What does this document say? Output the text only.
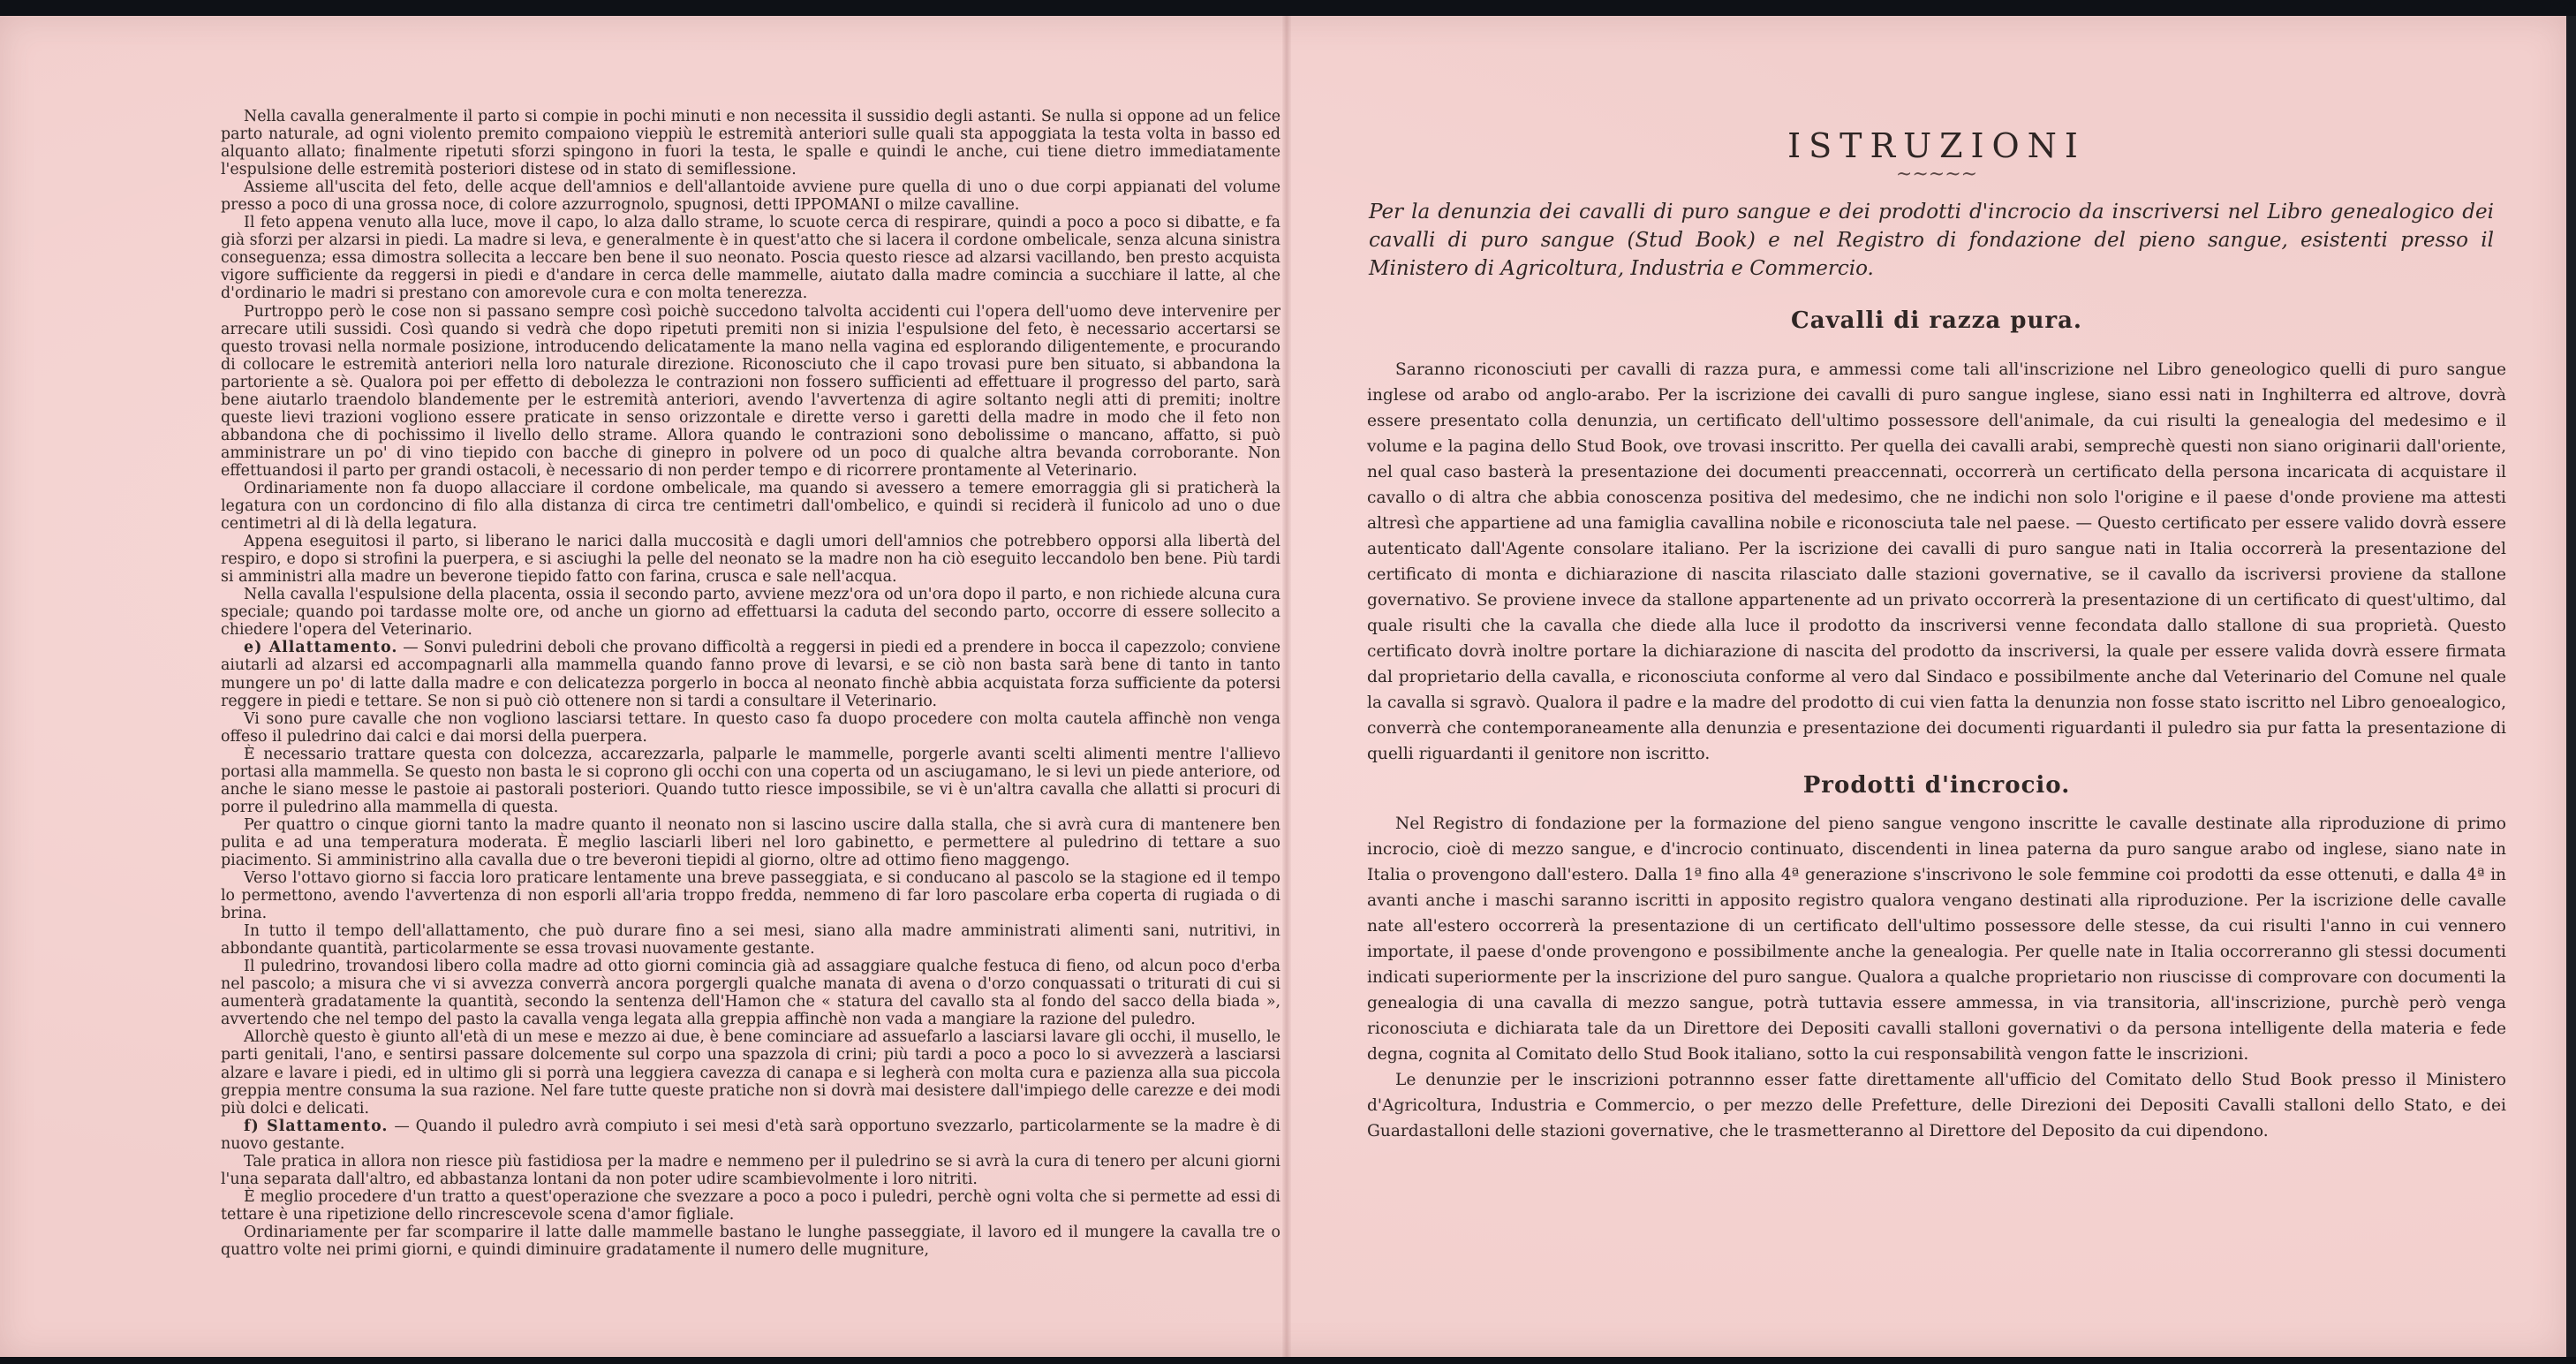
Nella cavalla generalmente il parto si compie in pochi minuti e non necessita il sussidio degli astanti. Se nulla si oppone ad un felice parto naturale, ad ogni violento premito compaiono vieppiù le estremità anteriori sulle quali sta appoggiata la testa volta in basso ed alquanto allato; finalmente ripetuti sforzi spingono in fuori la testa, le spalle e quindi le anche, cui tiene dietro immediatamente l'espulsione delle estremità posteriori distese od in stato di semiflessione.

Assieme all'uscita del feto, delle acque dell'amnios e dell'allantoide avviene pure quella di uno o due corpi appianati del volume presso a poco di una grossa noce, di colore azzurrognolo, spugnosi, detti IPPOMANI o milze cavalline.

Il feto appena venuto alla luce, move il capo, lo alza dallo strame, lo scuote cerca di respirare, quindi a poco a poco si dibatte, e fa già sforzi per alzarsi in piedi. La madre si leva, e generalmente è in quest'atto che si lacera il cordone ombelicale, senza alcuna sinistra conseguenza; essa dimostra sollecita a leccare ben bene il suo neonato. Poscia questo riesce ad alzarsi vacillando, ben presto acquista vigore sufficiente da reggersi in piedi e d'andare in cerca delle mammelle, aiutato dalla madre comincia a succhiare il latte, al che d'ordinario le madri si prestano con amorevole cura e con molta tenerezza.

Purtroppo però le cose non si passano sempre così poichè succedono talvolta accidenti cui l'opera dell'uomo deve intervenire per arrecare utili sussidi. Così quando si vedrà che dopo ripetuti premiti non si inizia l'espulsione del feto, è necessario accertarsi se questo trovasi nella normale posizione, introducendo delicatamente la mano nella vagina ed esplorando diligentemente, e procurando di collocare le estremità anteriori nella loro naturale direzione. Riconosciuto che il capo trovasi pure ben situato, si abbandona la partoriente a sè. Qualora poi per effetto di debolezza le contrazioni non fossero sufficienti ad effettuare il progresso del parto, sarà bene aiutarlo traendolo blandemente per le estremità anteriori, avendo l'avvertenza di agire soltanto negli atti di premiti; inoltre queste lievi trazioni vogliono essere praticate in senso orizzontale e dirette verso i garetti della madre in modo che il feto non abbandona che di pochissimo il livello dello strame. Allora quando le contrazioni sono debolissime o mancano, affatto, si può amministrare un po' di vino tiepido con bacche di ginepro in polvere od un poco di qualche altra bevanda corroborante. Non effettuandosi il parto per grandi ostacoli, è necessario di non perder tempo e di ricorrere prontamente al Veterinario.

Ordinariamente non fa duopo allacciare il cordone ombelicale, ma quando si avessero a temere emorraggia gli si praticherà la legatura con un cordoncino di filo alla distanza di circa tre centimetri dall'ombelico, e quindi si reciderà il funicolo ad uno o due centimetri al di là della legatura.

Appena eseguitosi il parto, si liberano le narici dalla muccosità e dagli umori dell'amnios che potrebbero opporsi alla libertà del respiro, e dopo si strofini la puerpera, e si asciughi la pelle del neonato se la madre non ha ciò eseguito leccandolo ben bene. Più tardi si amministri alla madre un beverone tiepido fatto con farina, crusca e sale nell'acqua.

Nella cavalla l'espulsione della placenta, ossia il secondo parto, avviene mezz'ora od un'ora dopo il parto, e non richiede alcuna cura speciale; quando poi tardasse molte ore, od anche un giorno ad effettuarsi la caduta del secondo parto, occorre di essere sollecito a chiedere l'opera del Veterinario.

e) Allattamento. — Sonvi puledrini deboli che provano difficoltà a reggersi in piedi ed a prendere in bocca il capezzolo; conviene aiutarli ad alzarsi ed accompagnarli alla mammella quando fanno prove di levarsi, e se ciò non basta sarà bene di tanto in tanto mungere un po' di latte dalla madre e con delicatezza porgerlo in bocca al neonato finchè abbia acquistata forza sufficiente da potersi reggere in piedi e tettare. Se non si può ciò ottenere non si tardi a consultare il Veterinario.

Vi sono pure cavalle che non vogliono lasciarsi tettare. In questo caso fa duopo procedere con molta cautela affinchè non venga offeso il puledrino dai calci e dai morsi della puerpera.

È necessario trattare questa con dolcezza, accarezzarla, palparle le mammelle, porgerle avanti scelti alimenti mentre l'allievo portasi alla mammella. Se questo non basta le si coprono gli occhi con una coperta od un asciugamano, le si levi un piede anteriore, od anche le siano messe le pastoie ai pastorali posteriori. Quando tutto riesce impossibile, se vi è un'altra cavalla che allatti si procuri di porre il puledrino alla mammella di questa.

Per quattro o cinque giorni tanto la madre quanto il neonato non si lascino uscire dalla stalla, che si avrà cura di mantenere ben pulita e ad una temperatura moderata. È meglio lasciarli liberi nel loro gabinetto, e permettere al puledrino di tettare a suo piacimento. Si amministrino alla cavalla due o tre beveroni tiepidi al giorno, oltre ad ottimo fieno maggengo.

Verso l'ottavo giorno si faccia loro praticare lentamente una breve passeggiata, e si conducano al pascolo se la stagione ed il tempo lo permettono, avendo l'avvertenza di non esporli all'aria troppo fredda, nemmeno di far loro pascolare erba coperta di rugiada o di brina.

In tutto il tempo dell'allattamento, che può durare fino a sei mesi, siano alla madre amministrati alimenti sani, nutritivi, in abbondante quantità, particolarmente se essa trovasi nuovamente gestante.

Il puledrino, trovandosi libero colla madre ad otto giorni comincia già ad assaggiare qualche festuca di fieno, od alcun poco d'erba nel pascolo; a misura che vi si avvezza converrà ancora porgergli qualche manata di avena o d'orzo conquassati o triturati di cui si aumenterà gradatamente la quantità, secondo la sentenza dell'Hamon che « statura del cavallo sta al fondo del sacco della biada », avvertendo che nel tempo del pasto la cavalla venga legata alla greppia affinchè non vada a mangiare la razione del puledro.

Allorchè questo è giunto all'età di un mese e mezzo ai due, è bene cominciare ad assuefarlo a lasciarsi lavare gli occhi, il musello, le parti genitali, l'ano, e sentirsi passare dolcemente sul corpo una spazzola di crini; più tardi a poco a poco lo si avvezzerà a lasciarsi alzare e lavare i piedi, ed in ultimo gli si porrà una leggiera cavezza di canapa e si legherà con molta cura e pazienza alla sua piccola greppia mentre consuma la sua razione. Nel fare tutte queste pratiche non si dovrà mai desistere dall'impiego delle carezze e dei modi più dolci e delicati.

f) Slattamento. — Quando il puledro avrà compiuto i sei mesi d'età sarà opportuno svezzarlo, particolarmente se la madre è di nuovo gestante.

Tale pratica in allora non riesce più fastidiosa per la madre e nemmeno per il puledrino se si avrà la cura di tenero per alcuni giorni l'una separata dall'altro, ed abbastanza lontani da non poter udire scambievolmente i loro nitriti.

È meglio procedere d'un tratto a quest'operazione che svezzare a poco a poco i puledri, perchè ogni volta che si permette ad essi di tettare è una ripetizione dello rincrescevole scena d'amor figliale.

Ordinariamente per far scomparire il latte dalle mammelle bastano le lunghe passeggiate, il lavoro ed il mungere la cavalla tre o quattro volte nei primi giorni, e quindi diminuire gradatamente il numero delle mugniture,

ISTRUZIONI
~~~~~

Per la denunzia dei cavalli di puro sangue e dei prodotti d'incrocio da inscriversi nel Libro genealogico dei cavalli di puro sangue (Stud Book) e nel Registro di fondazione del pieno sangue, esistenti presso il Ministero di Agricoltura, Industria e Commercio.

Cavalli di razza pura.

Saranno riconosciuti per cavalli di razza pura, e ammessi come tali all'inscrizione nel Libro geneologico quelli di puro sangue inglese od arabo od anglo-arabo. Per la iscrizione dei cavalli di puro sangue inglese, siano essi nati in Inghilterra ed altrove, dovrà essere presentato colla denunzia, un certificato dell'ultimo possessore dell'animale, da cui risulti la genealogia del medesimo e il volume e la pagina dello Stud Book, ove trovasi inscritto. Per quella dei cavalli arabi, semprechè questi non siano originarii dall'oriente, nel qual caso basterà la presentazione dei documenti preaccennati, occorrerà un certificato della persona incaricata di acquistare il cavallo o di altra che abbia conoscenza positiva del medesimo, che ne indichi non solo l'origine e il paese d'onde proviene ma attesti altresì che appartiene ad una famiglia cavallina nobile e riconosciuta tale nel paese. — Questo certificato per essere valido dovrà essere autenticato dall'Agente consolare italiano. Per la iscrizione dei cavalli di puro sangue nati in Italia occorrerà la presentazione del certificato di monta e dichiarazione di nascita rilasciato dalle stazioni governative, se il cavallo da iscriversi proviene da stallone governativo. Se proviene invece da stallone appartenente ad un privato occorrerà la presentazione di un certificato di quest'ultimo, dal quale risulti che la cavalla che diede alla luce il prodotto da inscriversi venne fecondata dallo stallone di sua proprietà. Questo certificato dovrà inoltre portare la dichiarazione di nascita del prodotto da inscriversi, la quale per essere valida dovrà essere firmata dal proprietario della cavalla, e riconosciuta conforme al vero dal Sindaco e possibilmente anche dal Veterinario del Comune nel quale la cavalla si sgravò. Qualora il padre e la madre del prodotto di cui vien fatta la denunzia non fosse stato iscritto nel Libro genoealogico, converrà che contemporaneamente alla denunzia e presentazione dei documenti riguardanti il puledro sia pur fatta la presentazione di quelli riguardanti il genitore non iscritto.

Prodotti d'incrocio.

Nel Registro di fondazione per la formazione del pieno sangue vengono inscritte le cavalle destinate alla riproduzione di primo incrocio, cioè di mezzo sangue, e d'incrocio continuato, discendenti in linea paterna da puro sangue arabo od inglese, siano nate in Italia o provengono dall'estero. Dalla 1ª fino alla 4ª generazione s'inscrivono le sole femmine coi prodotti da esse ottenuti, e dalla 4ª in avanti anche i maschi saranno iscritti in apposito registro qualora vengano destinati alla riproduzione. Per la iscrizione delle cavalle nate all'estero occorrerà la presentazione di un certificato dell'ultimo possessore delle stesse, da cui risulti l'anno in cui vennero importate, il paese d'onde provengono e possibilmente anche la genealogia. Per quelle nate in Italia occorreranno gli stessi documenti indicati superiormente per la inscrizione del puro sangue. Qualora a qualche proprietario non riuscisse di comprovare con documenti la genealogia di una cavalla di mezzo sangue, potrà tuttavia essere ammessa, in via transitoria, all'inscrizione, purchè però venga riconosciuta e dichiarata tale da un Direttore dei Depositi cavalli stalloni governativi o da persona intelligente della materia e fede degna, cognita al Comitato dello Stud Book italiano, sotto la cui responsabilità vengon fatte le inscrizioni.

Le denunzie per le inscrizioni potrannno esser fatte direttamente all'ufficio del Comitato dello Stud Book presso il Ministero d'Agricoltura, Industria e Commercio, o per mezzo delle Prefetture, delle Direzioni dei Depositi Cavalli stalloni dello Stato, e dei Guardastalloni delle stazioni governative, che le trasmetteranno al Direttore del Deposito da cui dipendono.
